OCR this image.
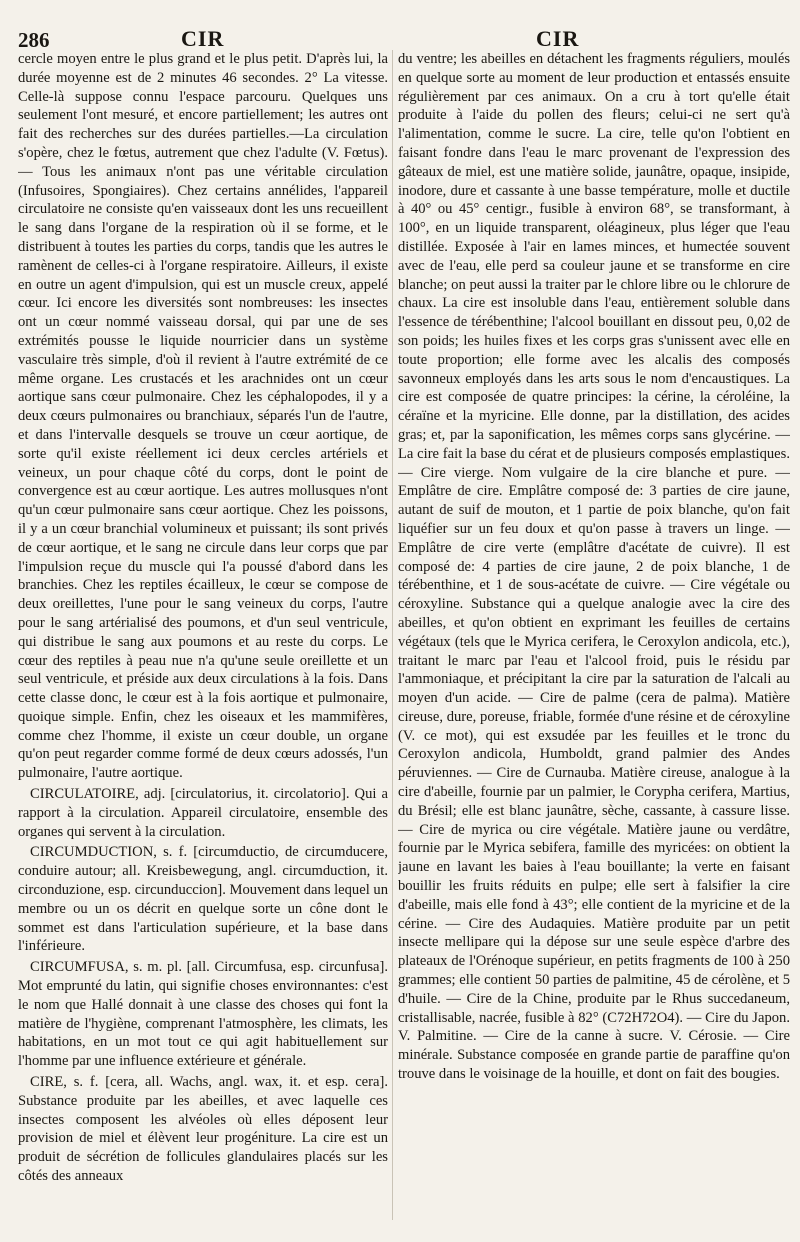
286	CIR	CIR

cercle moyen entre le plus grand et le plus petit. D'après lui, la durée moyenne est de 2 minutes 46 secondes. 2° La vitesse. Celle-là suppose connu l'espace parcouru. Quelques uns seulement l'ont mesuré, et encore partiellement; les autres ont fait des recherches sur des durées partielles.—La circulation s'opère, chez le fœtus, autrement que chez l'adulte (V. Fœtus). — Tous les animaux n'ont pas une véritable circulation (Infusoires, Spongiaires). Chez certains annélides, l'appareil circulatoire ne consiste qu'en vaisseaux dont les uns recueillent le sang dans l'organe de la respiration où il se forme, et le distribuent à toutes les parties du corps, tandis que les autres le ramènent de celles-ci à l'organe respiratoire. Ailleurs, il existe en outre un agent d'impulsion, qui est un muscle creux, appelé cœur. Ici encore les diversités sont nombreuses: les insectes ont un cœur nommé vaisseau dorsal, qui par une de ses extrémités pousse le liquide nourricier dans un système vasculaire très simple, d'où il revient à l'autre extrémité de ce même organe. Les crustacés et les arachnides ont un cœur aortique sans cœur pulmonaire. Chez les céphalopodes, il y a deux cœurs pulmonaires ou branchiaux, séparés l'un de l'autre, et dans l'intervalle desquels se trouve un cœur aortique, de sorte qu'il existe réellement ici deux cercles artériels et veineux, un pour chaque côté du corps, dont le point de convergence est au cœur aortique. Les autres mollusques n'ont qu'un cœur pulmonaire sans cœur aortique. Chez les poissons, il y a un cœur branchial volumineux et puissant; ils sont privés de cœur aortique, et le sang ne circule dans leur corps que par l'impulsion reçue du muscle qui l'a poussé d'abord dans les branchies. Chez les reptiles écailleux, le cœur se compose de deux oreillettes, l'une pour le sang veineux du corps, l'autre pour le sang artérialisé des poumons, et d'un seul ventricule, qui distribue le sang aux poumons et au reste du corps. Le cœur des reptiles à peau nue n'a qu'une seule oreillette et un seul ventricule, et préside aux deux circulations à la fois. Dans cette classe donc, le cœur est à la fois aortique et pulmonaire, quoique simple. Enfin, chez les oiseaux et les mammifères, comme chez l'homme, il existe un cœur double, un organe qu'on peut regarder comme formé de deux cœurs adossés, l'un pulmonaire, l'autre aortique.

CIRCULATOIRE, adj. [circulatorius, it. circolatorio]. Qui a rapport à la circulation. Appareil circulatoire, ensemble des organes qui servent à la circulation.

CIRCUMDUCTION, s. f. [circumductio, de circumducere, conduire autour; all. Kreisbewegung, angl. circumduction, it. circonduzione, esp. circunduccion]. Mouvement dans lequel un membre ou un os décrit en quelque sorte un cône dont le sommet est dans l'articulation supérieure, et la base dans l'inférieure.

CIRCUMFUSA, s. m. pl. [all. Circumfusa, esp. circunfusa]. Mot emprunté du latin, qui signifie choses environnantes: c'est le nom que Hallé donnait à une classe des choses qui font la matière de l'hygiène, comprenant l'atmosphère, les climats, les habitations, en un mot tout ce qui agit habituellement sur l'homme par une influence extérieure et générale.

CIRE, s. f. [cera, all. Wachs, angl. wax, it. et esp. cera]. Substance produite par les abeilles, et avec laquelle ces insectes composent les alvéoles où elles déposent leur provision de miel et élèvent leur progéniture. La cire est un produit de sécrétion de follicules glandulaires placés sur les côtés des anneaux

du ventre; les abeilles en détachent les fragments réguliers, moulés en quelque sorte au moment de leur production et entassés ensuite régulièrement par ces animaux. On a cru à tort qu'elle était produite à l'aide du pollen des fleurs; celui-ci ne sert qu'à l'alimentation, comme le sucre. La cire, telle qu'on l'obtient en faisant fondre dans l'eau le marc provenant de l'expression des gâteaux de miel, est une matière solide, jaunâtre, opaque, insipide, inodore, dure et cassante à une basse température, molle et ductile à 40° ou 45° centigr., fusible à environ 68°, se transformant, à 100°, en un liquide transparent, oléagineux, plus léger que l'eau distillée. Exposée à l'air en lames minces, et humectée souvent avec de l'eau, elle perd sa couleur jaune et se transforme en cire blanche; on peut aussi la traiter par le chlore libre ou le chlorure de chaux. La cire est insoluble dans l'eau, entièrement soluble dans l'essence de térébenthine; l'alcool bouillant en dissout peu, 0,02 de son poids; les huiles fixes et les corps gras s'unissent avec elle en toute proportion; elle forme avec les alcalis des composés savonneux employés dans les arts sous le nom d'encaustiques. La cire est composée de quatre principes: la cérine, la céroléine, la céraïne et la myricine. Elle donne, par la distillation, des acides gras; et, par la saponification, les mêmes corps sans glycérine. — La cire fait la base du cérat et de plusieurs composés emplastiques. — Cire vierge. Nom vulgaire de la cire blanche et pure. — Emplâtre de cire. Emplâtre composé de: 3 parties de cire jaune, autant de suif de mouton, et 1 partie de poix blanche, qu'on fait liquéfier sur un feu doux et qu'on passe à travers un linge. — Emplâtre de cire verte (emplâtre d'acétate de cuivre). Il est composé de: 4 parties de cire jaune, 2 de poix blanche, 1 de térébenthine, et 1 de sous-acétate de cuivre. — Cire végétale ou céroxyline. Substance qui a quelque analogie avec la cire des abeilles, et qu'on obtient en exprimant les feuilles de certains végétaux (tels que le Myrica cerifera, le Ceroxylon andicola, etc.), traitant le marc par l'eau et l'alcool froid, puis le résidu par l'ammoniaque, et précipitant la cire par la saturation de l'alcali au moyen d'un acide. — Cire de palme (cera de palma). Matière cireuse, dure, poreuse, friable, formée d'une résine et de céroxyline (V. ce mot), qui est exsudée par les feuilles et le tronc du Ceroxylon andicola, Humboldt, grand palmier des Andes péruviennes. — Cire de Curnauba. Matière cireuse, analogue à la cire d'abeille, fournie par un palmier, le Corypha cerifera, Martius, du Brésil; elle est blanc jaunâtre, sèche, cassante, à cassure lisse. — Cire de myrica ou cire végétale. Matière jaune ou verdâtre, fournie par le Myrica sebifera, famille des myricées: on obtient la jaune en lavant les baies à l'eau bouillante; la verte en faisant bouillir les fruits réduits en pulpe; elle sert à falsifier la cire d'abeille, mais elle fond à 43°; elle contient de la myricine et de la cérine. — Cire des Audaquies. Matière produite par un petit insecte mellipare qui la dépose sur une seule espèce d'arbre des plateaux de l'Orénoque supérieur, en petits fragments de 100 à 250 grammes; elle contient 50 parties de palmitine, 45 de cérolène, et 5 d'huile. — Cire de la Chine, produite par le Rhus succedaneum, cristallisable, nacrée, fusible à 82° (C72H72O4). — Cire du Japon. V. Palmitine. — Cire de la canne à sucre. V. Cérosie. — Cire minérale. Substance composée en grande partie de paraffine qu'on trouve dans le voisinage de la houille, et dont on fait des bougies.
